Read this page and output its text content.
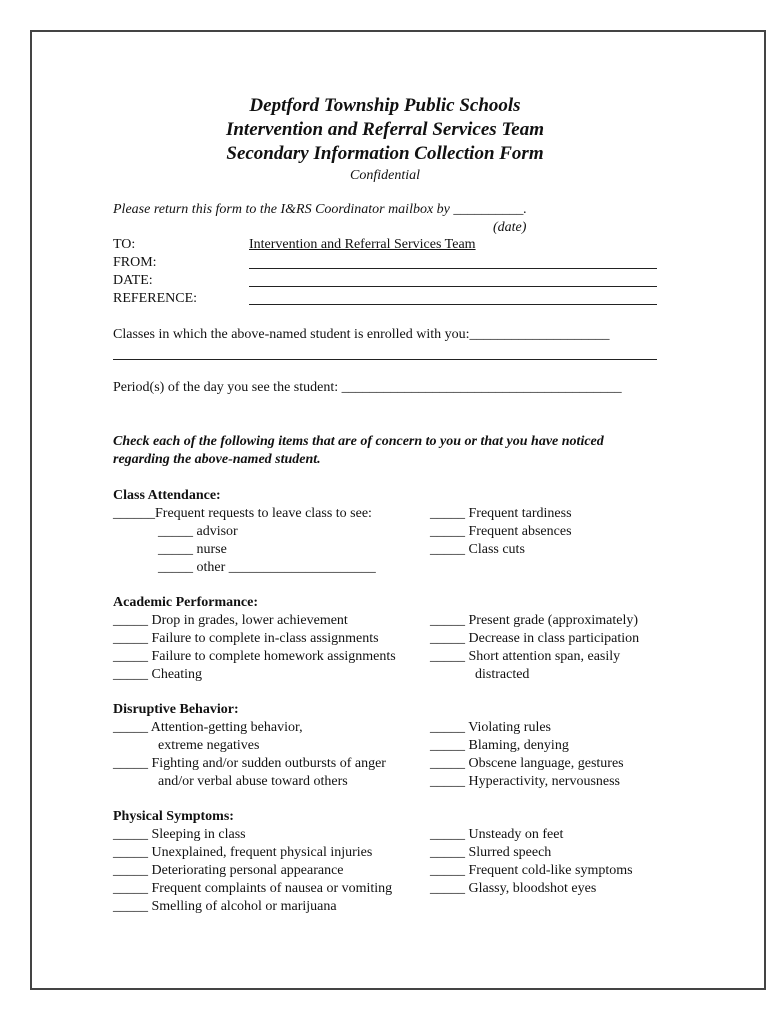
Deptford Township Public Schools
Intervention and Referral Services Team
Secondary Information Collection Form
Confidential
Please return this form to the I&RS Coordinator mailbox by __________.
(date)
TO:	Intervention and Referral Services Team
FROM:
DATE:
REFERENCE:
Classes in which the above-named student is enrolled with you:____________________
Period(s) of the day you see the student: ________________________________________
Check each of the following items that are of concern to you or that you have noticed
regarding the above-named student.
Class Attendance:
______Frequent requests to leave class to see:
_____ advisor
_____ nurse
_____ other _____________________
_____ Frequent tardiness
_____ Frequent absences
_____ Class cuts
Academic Performance:
_____ Drop in grades, lower achievement
_____ Failure to complete in-class assignments
_____ Failure to complete homework assignments
_____ Cheating
_____ Present grade (approximately)
_____ Decrease in class participation
_____ Short attention span, easily
distracted
Disruptive Behavior:
_____ Attention-getting behavior,
extreme negatives
_____ Fighting and/or sudden outbursts of anger
and/or verbal abuse toward others
_____ Violating rules
_____ Blaming, denying
_____ Obscene language, gestures
_____ Hyperactivity, nervousness
Physical Symptoms:
_____ Sleeping in class
_____ Unexplained, frequent physical injuries
_____ Deteriorating personal appearance
_____ Frequent complaints of nausea or vomiting
_____ Smelling of alcohol or marijuana
_____ Unsteady on feet
_____ Slurred speech
_____ Frequent cold-like symptoms
_____ Glassy, bloodshot eyes
